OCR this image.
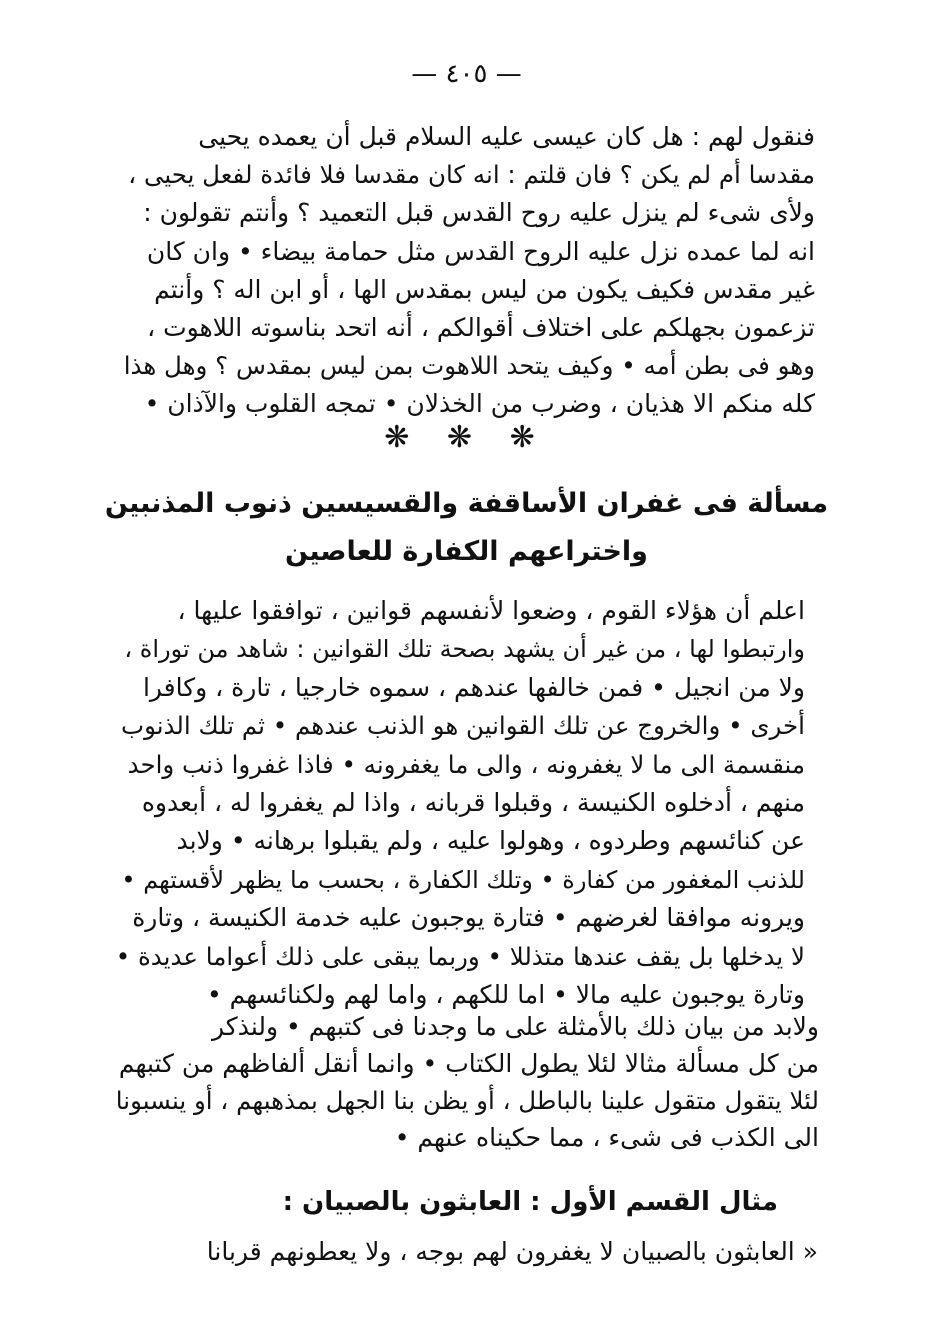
— ٤٠٥ —
فنقول لهم : هل كان عيسى عليه السلام قبل أن يعمده يحيى
مقدسا أم لم يكن ؟ فان قلتم : انه كان مقدسا فلا فائدة لفعل يحيى ،
ولأى شىء لم ينزل عليه روح القدس قبل التعميد ؟ وأنتم تقولون :
انه لما عمده نزل عليه الروح القدس مثل حمامة بيضاء • وان كان
غير مقدس فكيف يكون من ليس بمقدس الها ، أو ابن اله ؟ وأنتم
تزعمون بجهلكم على اختلاف أقوالكم ، أنه اتحد بناسوته اللاهوت ،
وهو فى بطن أمه • وكيف يتحد اللاهوت بمن ليس بمقدس ؟ وهل هذا
كله منكم الا هذيان ، وضرب من الخذلان • تمجه القلوب والآذان •
❋ ❋ ❋
مسألة فى غفران الأساقفة والقسيسين ذنوب المذنبين
واختراعهم الكفارة للعاصين
اعلم أن هؤلاء القوم ، وضعوا لأنفسهم قوانين ، توافقوا عليها ،
وارتبطوا لها ، من غير أن يشهد بصحة تلك القوانين : شاهد من توراة ،
ولا من انجيل • فمن خالفها عندهم ، سموه خارجيا ، تارة ، وكافرا
أخرى • والخروج عن تلك القوانين هو الذنب عندهم • ثم تلك الذنوب
منقسمة الى ما لا يغفرونه ، والى ما يغفرونه • فاذا غفروا ذنب واحد
منهم ، أدخلوه الكنيسة ، وقبلوا قربانه ، واذا لم يغفروا له ، أبعدوه
عن كنائسهم وطردوه ، وهولوا عليه ، ولم يقبلوا برهانه • ولابد
للذنب المغفور من كفارة • وتلك الكفارة ، بحسب ما يظهر لأقستهم •
ويرونه موافقا لغرضهم • فتارة يوجبون عليه خدمة الكنيسة ، وتارة
لا يدخلها بل يقف عندها متذللا • وربما يبقى على ذلك أعواما عديدة •
وتارة يوجبون عليه مالا • اما للكهم ، واما لهم ولكنائسهم •
ولابد من بيان ذلك بالأمثلة على ما وجدنا فى كتبهم • ولنذكر
من كل مسألة مثالا لئلا يطول الكتاب • وانما أنقل ألفاظهم من كتبهم
لئلا يتقول متقول علينا بالباطل ، أو يظن بنا الجهل بمذهبهم ، أو ينسبونا
الى الكذب فى شىء ، مما حكيناه عنهم •
مثال القسم الأول : العابثون بالصبيان :
« العابثون بالصبيان لا يغفرون لهم بوجه ، ولا يعطونهم قربانا
